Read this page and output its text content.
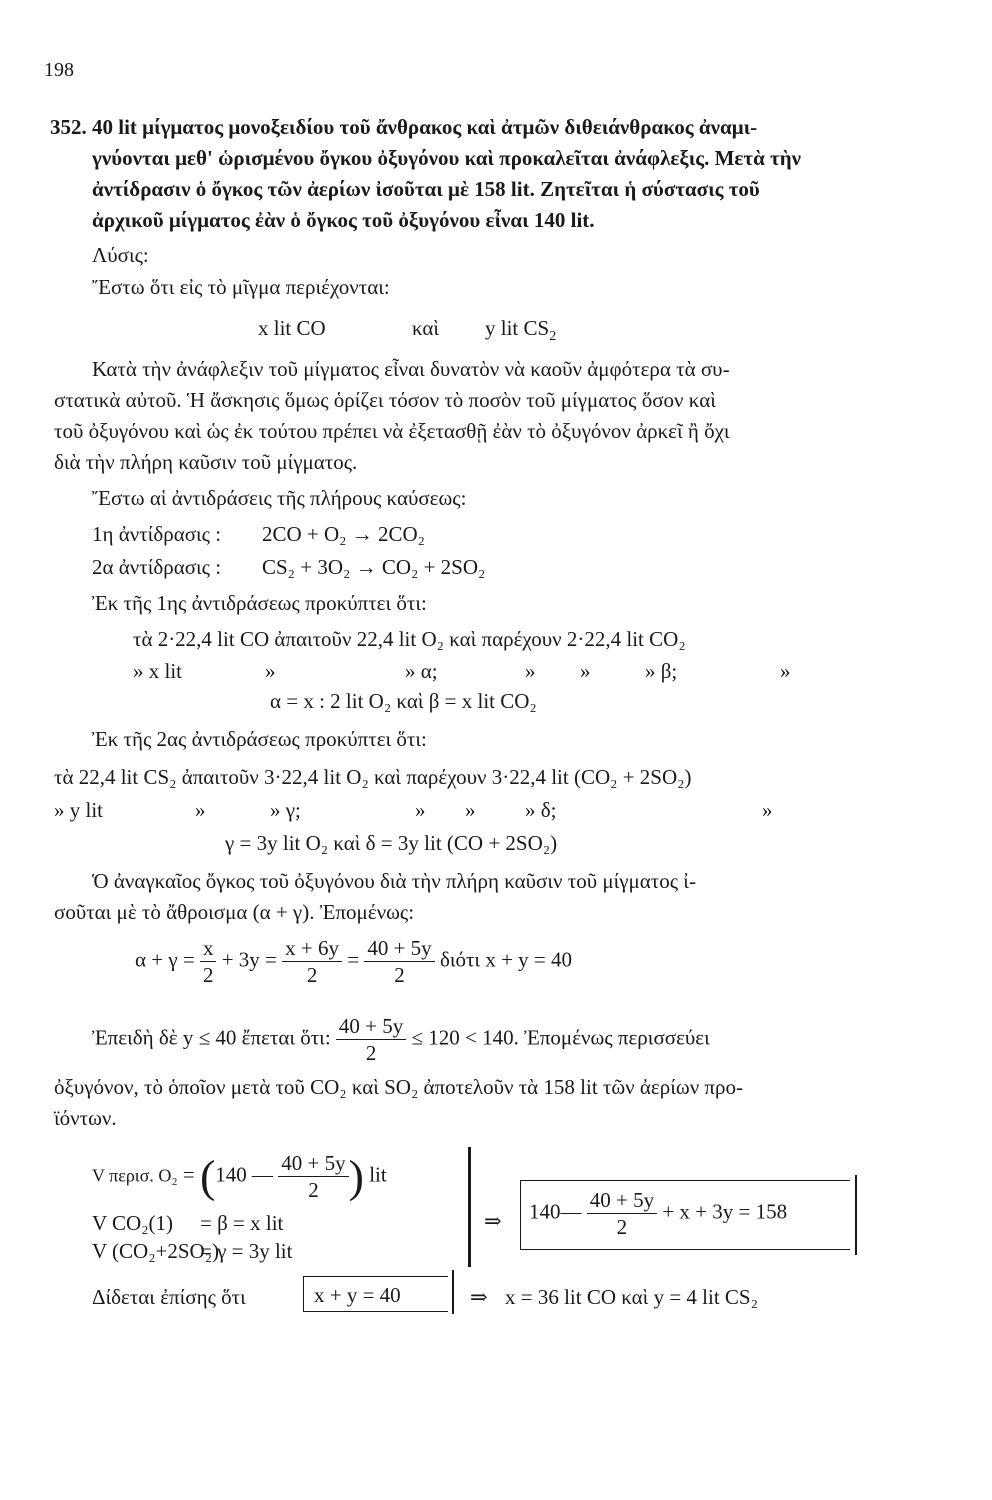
198
352. 40 lit μίγματος μονοξειδίου τοῦ ἄνθρακος καὶ ἀτμῶν διθειάνθρακος ἀναμι-
γνύονται μεθ' ὡρισμένου ὄγκου ὀξυγόνου καὶ προκαλεῖται ἀνάφλεξις. Μετὰ τὴν
ἀντίδρασιν ὁ ὄγκος τῶν ἀερίων ἰσοῦται μὲ 158 lit. Ζητεῖται ἡ σύστασις τοῦ
ἀρχικοῦ μίγματος ἐὰν ὁ ὄγκος τοῦ ὀξυγόνου εἶναι 140 lit.
Λύσις:
Ἔστω ὅτι εἰς τὸ μῖγμα περιέχονται:
x lit CO	καὶ y lit $CS_2$
Κατὰ τὴν ἀνάφλεξιν τοῦ μίγματος εἶναι δυνατὸν νὰ καοῦν ἀμφότερα τὰ συ-
στατικὰ αὐτοῦ. Ἡ ἄσκησις ὅμως ὁρίζει τόσον τὸ ποσὸν τοῦ μίγματος ὅσον καὶ
τοῦ ὀξυγόνου καὶ ὡς ἐκ τούτου πρέπει νὰ ἐξετασθῇ ἐὰν τὸ ὀξυγόνον ἀρκεῖ ἢ ὄχι
διὰ τὴν πλήρη καῦσιν τοῦ μίγματος.
Ἔστω αἱ ἀντιδράσεις τῆς πλήρους καύσεως:
1η ἀντίδρασις : 2CO + O₂ → 2CO₂
2α ἀντίδρασις : CS₂ + 3O₂ → CO₂ + 2SO₂
Ἐκ τῆς 1ης ἀντιδράσεως προκύπτει ὅτι:
τὰ 2·22,4 lit CO ἀπαιτοῦν 22,4 lit O₂ καὶ παρέχουν 2·22,4 lit CO₂
» x lit	»	» α;	» »	» β;	»
α = x : 2 lit O₂ καὶ β = x lit CO₂
Ἐκ τῆς 2ας ἀντιδράσεως προκύπτει ὅτι:
τὰ 22,4 lit CS₂ ἀπαιτοῦν 3·22,4 lit O₂ καὶ παρέχουν 3·22,4 lit (CO₂ + 2SO₂)
» y lit	»	» γ;	» » » δ;	»
γ = 3y lit O₂ καὶ δ = 3y lit (CO + 2SO₂)
Ὁ ἀναγκαῖος ὄγκος τοῦ ὀξυγόνου διὰ τὴν πλήρη καῦσιν τοῦ μίγματος ἰ-
σοῦται μὲ τὸ ἄθροισμα (α + γ). Ἐπομένως:
$\alpha + \gamma = \frac{x}{2} + 3y = \frac{x + 6y}{2} = \frac{40 + 5y}{2}$ διότι x + y = 40
Ἐπειδὴ δὲ y ≤ 40 ἔπεται ὅτι: $\frac{40 + 5y}{2} \le 120 < 140$. Ἐπομένως περισσεύει
ὀξυγόνον, τὸ ὁποῖον μετὰ τοῦ CO₂ καὶ SO₂ ἀποτελοῦν τὰ 158 lit τῶν ἀερίων προ-
ϊόντων.
V περισ. O₂ = (140 — $\frac{40 + 5y}{2}$ ) lit
V CO₂(1) = β = x lit
V (CO₂+2SO₂)
= γ = 3y lit
⇒	140— $\frac{40 + 5y}{2} + x + 3y = 158$
Δίδεται ἐπίσης ὅτι	x + y = 40	⇒ x = 36 lit CO καὶ y = 4 lit CS₂
